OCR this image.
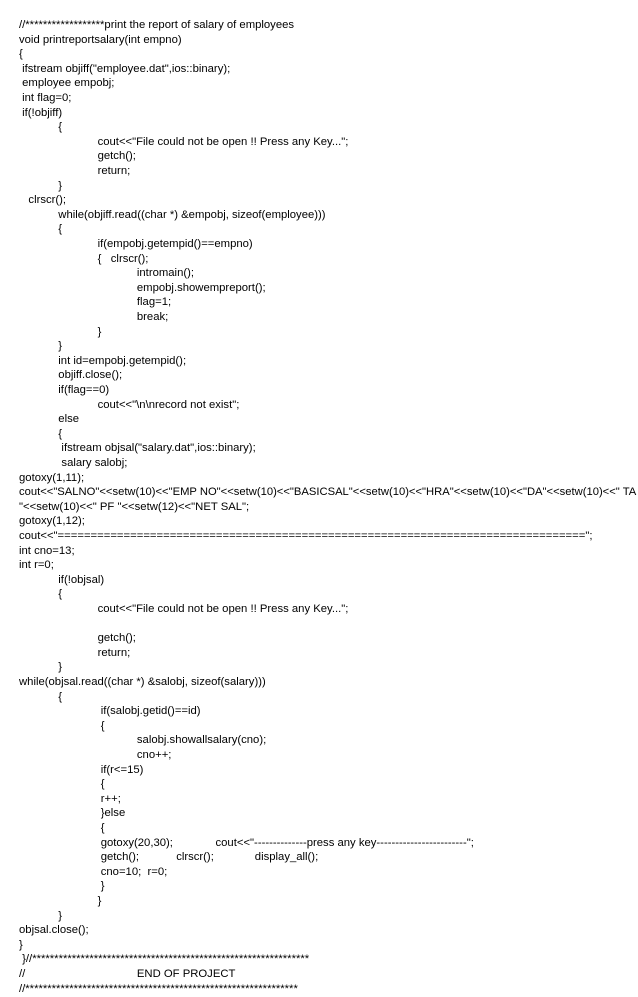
//******************print the report of salary of employees
void printreportsalary(int empno)
{
ifstream objiff("employee.dat",ios::binary);
employee empobj;
int flag=0;
if(!objiff)
{
cout<<"File could not be open !! Press any Key...";
getch();
return;
}
clrscr();
while(objiff.read((char *) &empobj, sizeof(employee)))
{
if(empobj.getempid()==empno)
{   clrscr();
intromain();
empobj.showempreport();
flag=1;
break;
}
}
int id=empobj.getempid();
objiff.close();
if(flag==0)
cout<<"\n\nrecord not exist";
else
{
ifstream objsal("salary.dat",ios::binary);
salary salobj;
gotoxy(1,11);
cout<<"SALNO"<<setw(10)<<"EMP NO"<<setw(10)<<"BASICSAL"<<setw(10)<<"HRA"<<setw(10)<<"DA"<<setw(10)<<" TA
"<<setw(10)<<" PF "<<setw(12)<<"NET SAL";
gotoxy(1,12);
cout<<"================================================================================";
int cno=13;
int r=0;
if(!objsal)
{
cout<<"File could not be open !! Press any Key...";
getch();
return;
}
while(objsal.read((char *) &salobj, sizeof(salary)))
{
if(salobj.getid()==id)
{
salobj.showallsalary(cno);
cno++;
if(r<=15)
{
r++;
}else
{
gotoxy(20,30);	cout<<"--------------press any key------------------------";
getch();	clrscr();	display_all();
cno=10;  r=0;
}
}
}
objsal.close();
}
}//***************************************************************
//	END OF PROJECT
//**************************************************************
